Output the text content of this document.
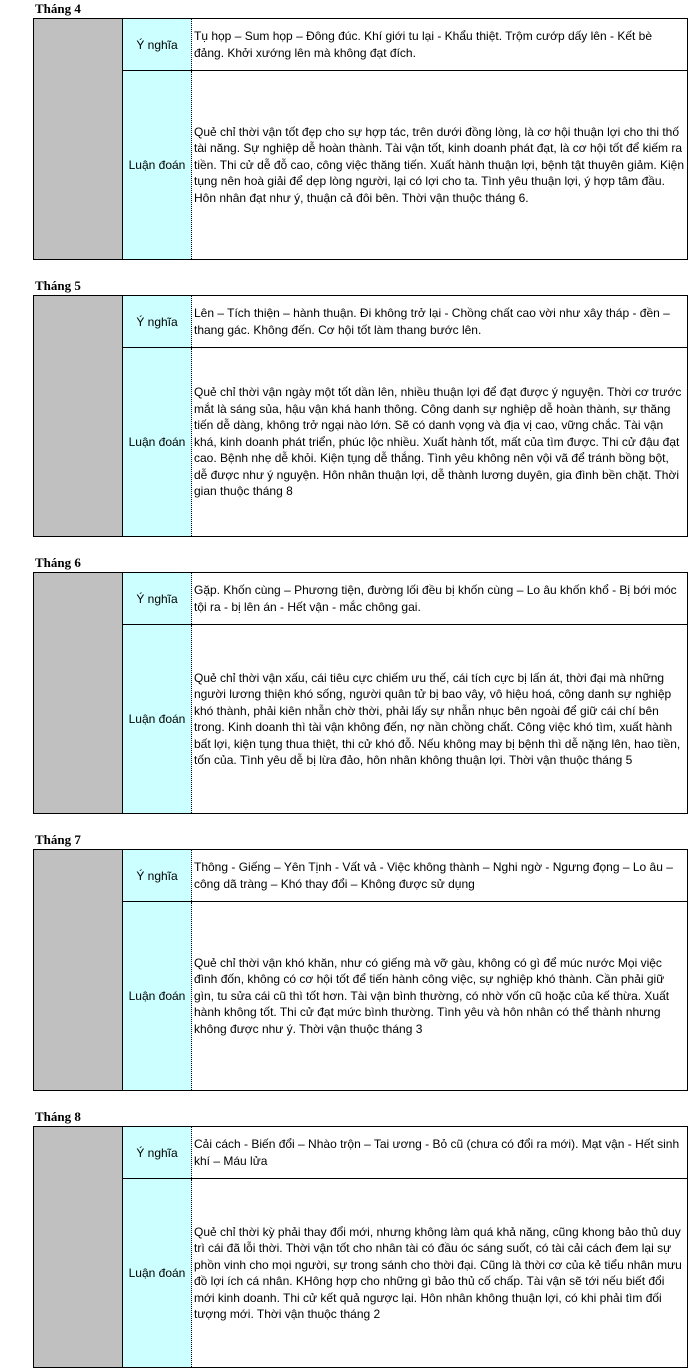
Tháng 4
	Ý nghĩa	Tụ họp – Sum họp – Đông đúc. Khí giới tu lại - Khẩu thiệt. Trộm cướp dấy lên - Kết bè đảng. Khởi xướng lên mà không đạt đích.

	Luận đoán	Quẻ chỉ thời vận tốt đẹp cho sự hợp tác, trên dưới đồng lòng, là cơ hội thuận lợi cho thi thố tài năng. Sự nghiệp dễ hoàn thành. Tài vận tốt, kinh doanh phát đạt, là cơ hội tốt để kiếm ra tiền. Thi cử dễ đỗ cao, công việc thăng tiến. Xuất hành thuận lợi, bệnh tật thuyên giảm. Kiện tụng nên hoà giải để dẹp lòng người, lại có lợi cho ta. Tình yêu thuận lợi, ý hợp tâm đầu. Hôn nhân đạt như ý, thuận cả đôi bên. Thời vận thuộc tháng 6.
Tháng 5
	Ý nghĩa	Lên – Tích thiện – hành thuận. Đi không trở lại - Chồng chất cao vời như xây tháp - đền – thang gác. Không đến. Cơ hội tốt làm thang bước lên.

	Luận đoán	Quẻ chỉ thời vận ngày một tốt dần lên, nhiều thuận lợi để đạt được ý nguyện. Thời cơ trước mắt là sáng sủa, hậu vận khá hanh thông. Công danh sự nghiệp dễ hoàn thành, sự thăng tiến dễ dàng, không trở ngại nào lớn. Sẽ có danh vọng và địa vị cao, vững chắc. Tài vận khá, kinh doanh phát triển, phúc lộc nhiều. Xuất hành tốt, mất của tìm được. Thi cử đậu đạt cao. Bệnh nhẹ dễ khỏi. Kiện tụng dễ thắng. Tình yêu không nên vội vã để tránh bồng bột, dễ được như ý nguyện. Hôn nhân thuận lợi, dễ thành lương duyên, gia đình bền chặt. Thời gian thuộc tháng 8
Tháng 6
	Ý nghĩa	Gặp. Khốn cùng – Phương tiện, đường lối đều bị khốn cùng – Lo âu khốn khổ - Bị bới móc tội ra - bị lên án - Hết vận - mắc chông gai.

	Luận đoán	Quẻ chỉ thời vận xấu, cái tiêu cực chiếm ưu thế, cái tích cực bị lấn át, thời đại mà những người lương thiện khó sống, người quân tử bị bao vây, vô hiệu hoá, công danh sự nghiệp khó thành, phải kiên nhẫn chờ thời, phải lấy sự nhẫn nhục bên ngoài để giữ cái chí bên trong. Kinh doanh thì tài vận không đến, nợ nần chồng chất. Công việc khó tìm, xuất hành bất lợi, kiện tụng thua thiệt, thi cử khó đỗ. Nếu không may bị bệnh thì dễ nặng lên, hao tiền, tốn của. Tình yêu dễ bị lừa đảo, hôn nhân không thuận lợi. Thời vận thuộc tháng 5
Tháng 7
	Ý nghĩa	Thông - Giếng – Yên Tịnh - Vất vả - Việc không thành – Nghi ngờ - Ngưng đọng – Lo âu – công dã tràng – Khó thay đổi – Không được sử dụng

	Luận đoán	Quẻ chỉ thời vận khó khăn, như có giếng mà vỡ gàu, không có gì để múc nước Mọi việc đình đốn, không có cơ hội tốt để tiến hành công việc, sự nghiệp khó thành. Cần phải giữ gìn, tu sửa cái cũ thì tốt hơn. Tài vận bình thường, có nhờ vốn cũ hoặc của kế thừa. Xuất hành không tốt. Thi cử đạt mức bình thường. Tình yêu và hôn nhân có thể thành nhưng không được như ý. Thời vận thuộc tháng 3
Tháng 8
	Ý nghĩa	Cải cách - Biến đổi – Nhào trộn – Tai ương - Bỏ cũ (chưa có đổi ra mới). Mạt vận - Hết sinh khí – Máu lửa

	Luận đoán	Quẻ chỉ thời kỳ phải thay đổi mới, nhưng không làm quá khả năng, cũng khong bảo thủ duy trì cái đã lỗi thời. Thời vận tốt cho nhân tài có đầu óc sáng suốt, có tài cải cách đem lại sự phồn vinh cho mọi người, sự trong sánh cho thời đại. Cũng là thời cơ của kẻ tiểu nhân mưu đồ lợi ích cá nhân. KHông hợp cho những gì bảo thủ cố chấp. Tài vận sẽ tới nếu biết đổi mới kinh doanh. Thi cử kết quả ngược lại. Hôn nhân không thuận lợi, có khi phải tìm đối tượng mới. Thời vận thuộc tháng 2
